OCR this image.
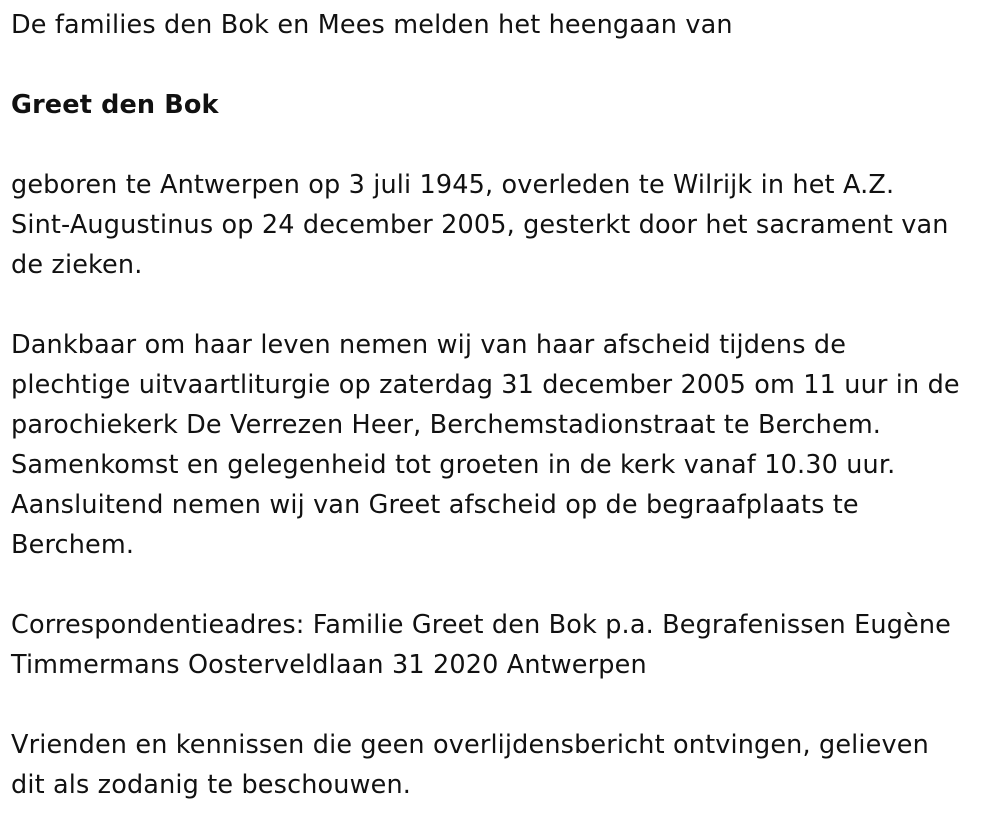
De families den Bok en Mees melden het heengaan van

Greet den Bok

geboren te Antwerpen op 3 juli 1945, overleden te Wilrijk in het A.Z.
Sint-Augustinus op 24 december 2005, gesterkt door het sacrament van
de zieken.

Dankbaar om haar leven nemen wij van haar afscheid tijdens de
plechtige uitvaartliturgie op zaterdag 31 december 2005 om 11 uur in de
parochiekerk De Verrezen Heer, Berchemstadionstraat te Berchem.
Samenkomst en gelegenheid tot groeten in de kerk vanaf 10.30 uur.
Aansluitend nemen wij van Greet afscheid op de begraafplaats te
Berchem.

Correspondentieadres: Familie Greet den Bok p.a. Begrafenissen Eugène
Timmermans Oosterveldlaan 31 2020 Antwerpen

Vrienden en kennissen die geen overlijdensbericht ontvingen, gelieven
dit als zodanig te beschouwen.
